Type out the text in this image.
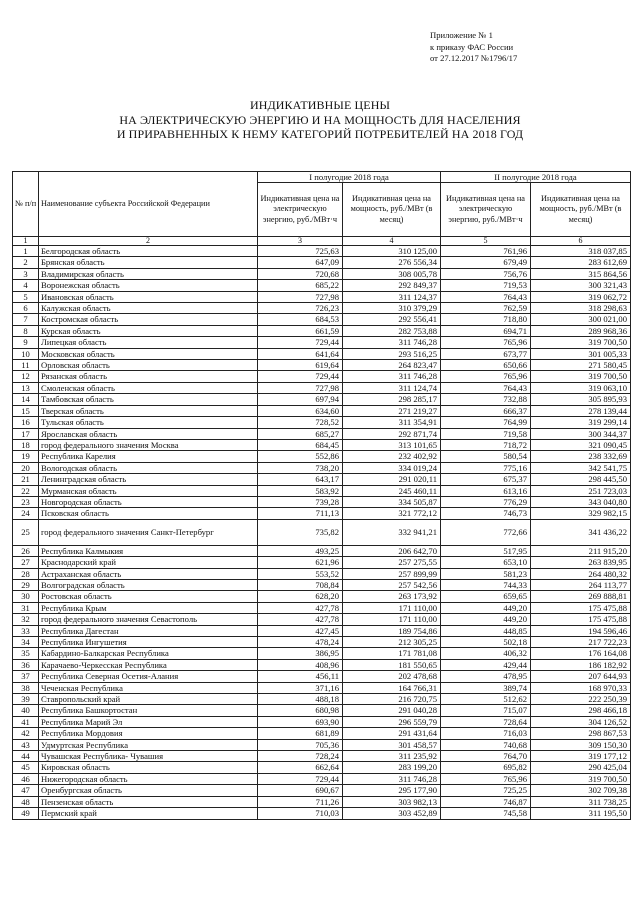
Приложение № 1
к приказу ФАС России
от 27.12.2017 №1796/17
ИНДИКАТИВНЫЕ ЦЕНЫ
НА ЭЛЕКТРИЧЕСКУЮ ЭНЕРГИЮ И НА МОЩНОСТЬ ДЛЯ НАСЕЛЕНИЯ
И ПРИРАВНЕННЫХ К НЕМУ КАТЕГОРИЙ ПОТРЕБИТЕЛЕЙ НА 2018 ГОД
№ п/п	Наименование субъекта Российской Федерации	I полугодие 2018 года		II полугодие 2018 года	
		Индикативная цена на электрическую энергию, руб./МВт·ч	Индикативная цена на мощность, руб./МВт (в месяц)	Индикативная цена на электрическую энергию, руб./МВт·ч	Индикативная цена на мощность, руб./МВт (в месяц)
1	2	3	4	5	6
1	Белгородская область	725,63	310 125,00	761,96	318 037,85
2	Брянская область	647,09	276 556,34	679,49	283 612,69
3	Владимирская область	720,68	308 005,78	756,76	315 864,56
4	Воронежская область	685,22	292 849,37	719,53	300 321,43
5	Ивановская область	727,98	311 124,37	764,43	319 062,72
6	Калужская область	726,23	310 379,29	762,59	318 298,63
7	Костромская область	684,53	292 556,41	718,80	300 021,00
8	Курская область	661,59	282 753,88	694,71	289 968,36
9	Липецкая область	729,44	311 746,28	765,96	319 700,50
10	Московская область	641,64	293 516,25	673,77	301 005,33
11	Орловская область	619,64	264 823,47	650,66	271 580,45
12	Рязанская область	729,44	311 746,28	765,96	319 700,50
13	Смоленская область	727,98	311 124,74	764,43	319 063,10
14	Тамбовская область	697,94	298 285,17	732,88	305 895,93
15	Тверская область	634,60	271 219,27	666,37	278 139,44
16	Тульская область	728,52	311 354,91	764,99	319 299,14
17	Ярославская область	685,27	292 871,74	719,58	300 344,37
18	город федерального значения Москва	684,45	313 101,65	718,72	321 090,45
19	Республика Карелия	552,86	232 402,92	580,54	238 332,69
20	Вологодская область	738,20	334 019,24	775,16	342 541,75
21	Ленинградская область	643,17	291 020,11	675,37	298 445,50
22	Мурманская область	583,92	245 460,11	613,16	251 723,03
23	Новгородская область	739,28	334 505,87	776,29	343 040,80
24	Псковская область	711,13	321 772,12	746,73	329 982,15
25	город федерального значения Санкт-Петербург	735,82	332 941,21	772,66	341 436,22
26	Республика Калмыкия	493,25	206 642,70	517,95	211 915,20
27	Краснодарский край	621,96	257 275,55	653,10	263 839,95
28	Астраханская область	553,52	257 899,99	581,23	264 480,32
29	Волгоградская область	708,84	257 542,56	744,33	264 113,77
30	Ростовская область	628,20	263 173,92	659,65	269 888,81
31	Республика Крым	427,78	171 110,00	449,20	175 475,88
32	город федерального значения Севастополь	427,78	171 110,00	449,20	175 475,88
33	Республика Дагестан	427,45	189 754,86	448,85	194 596,46
34	Республика Ингушетия	478,24	212 305,25	502,18	217 722,23
35	Кабардино-Балкарская Республика	386,95	171 781,08	406,32	176 164,08
36	Карачаево-Черкесская Республика	408,96	181 550,65	429,44	186 182,92
37	Республика Северная Осетия-Алания	456,11	202 478,68	478,95	207 644,93
38	Чеченская Республика	371,16	164 766,31	389,74	168 970,33
39	Ставропольский край	488,18	216 720,75	512,62	222 250,39
40	Республика Башкортостан	680,98	291 040,28	715,07	298 466,18
41	Республика Марий Эл	693,90	296 559,79	728,64	304 126,52
42	Республика Мордовия	681,89	291 431,64	716,03	298 867,53
43	Удмуртская Республика	705,36	301 458,57	740,68	309 150,30
44	Чувашская Республика- Чувашия	728,24	311 235,92	764,70	319 177,12
45	Кировская область	662,64	283 199,20	695,82	290 425,04
46	Нижегородская область	729,44	311 746,28	765,96	319 700,50
47	Оренбургская область	690,67	295 177,90	725,25	302 709,38
48	Пензенская область	711,26	303 982,13	746,87	311 738,25
49	Пермский край	710,03	303 452,89	745,58	311 195,50
